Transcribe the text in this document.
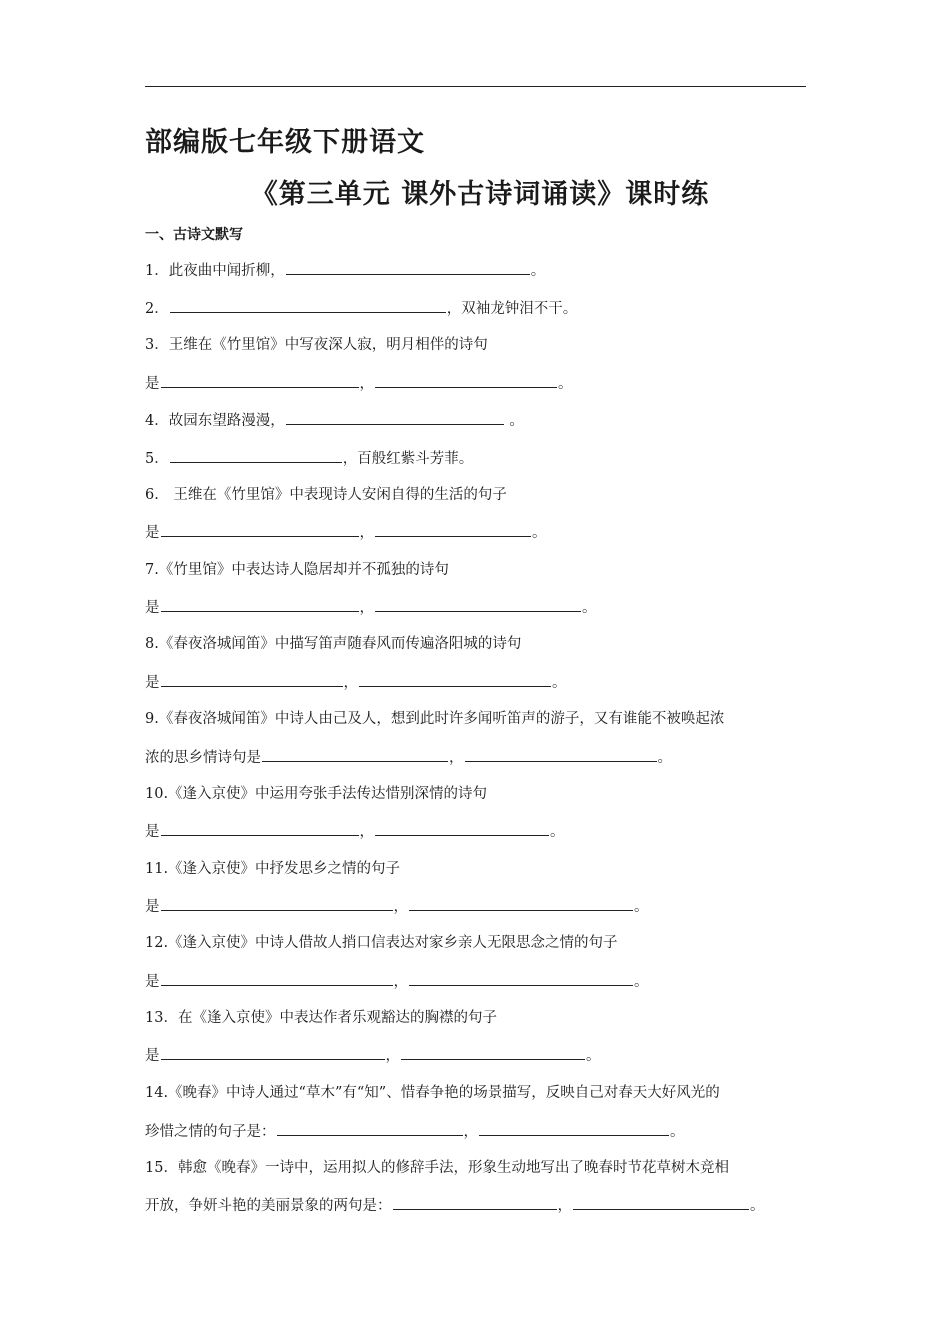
部编版七年级下册语文
《第三单元 课外古诗词诵读》课时练
一、古诗文默写
1．此夜曲中闻折柳，	。
2．	，双袖龙钟泪不干。
3．王维在《竹里馆》中写夜深人寂，明月相伴的诗句
是	，	。
4．故园东望路漫漫，	。
5．	，百般红紫斗芳菲。
6.　王维在《竹里馆》中表现诗人安闲自得的生活的句子
是	，	。
7.《竹里馆》中表达诗人隐居却并不孤独的诗句
是	，	。
8.《春夜洛城闻笛》中描写笛声随春风而传遍洛阳城的诗句
是	，	。
9.《春夜洛城闻笛》中诗人由己及人，想到此时许多闻听笛声的游子，又有谁能不被唤起浓
浓的思乡情诗句是	，	。
10.《逢入京使》中运用夸张手法传达惜别深情的诗句
是	，	。
11.《逢入京使》中抒发思乡之情的句子
是	，	。
12.《逢入京使》中诗人借故人捎口信表达对家乡亲人无限思念之情的句子
是	，	。
13．在《逢入京使》中表达作者乐观豁达的胸襟的句子
是	，	。
14.《晚春》中诗人通过“草木”有“知”、惜春争艳的场景描写，反映自己对春天大好风光的
珍惜之情的句子是：	，	。
15．韩愈《晚春》一诗中，运用拟人的修辞手法，形象生动地写出了晚春时节花草树木竞相
开放，争妍斗艳的美丽景象的两句是：	，	。
